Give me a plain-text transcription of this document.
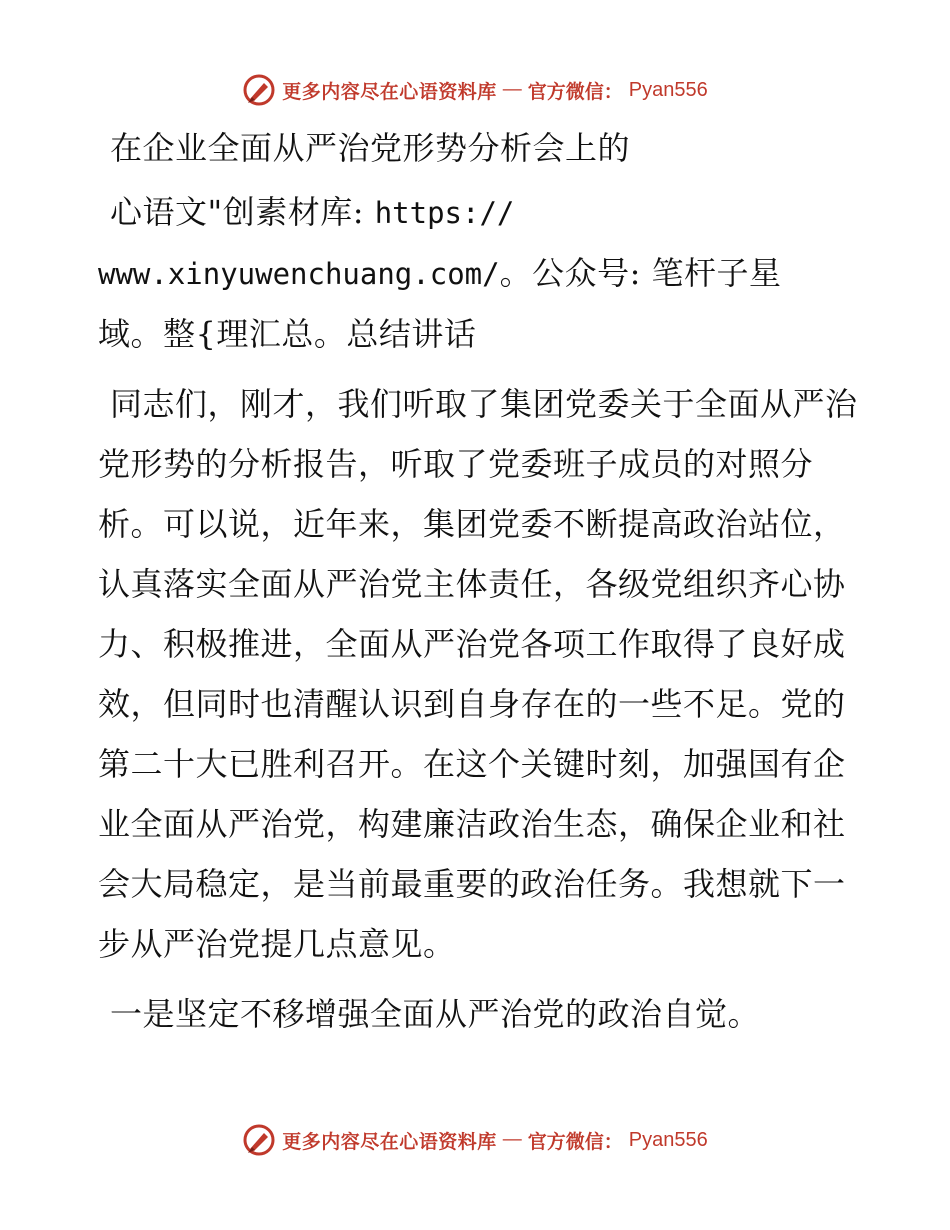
更多内容尽在心语资料库 — 官方微信： Pyan556

在企业全面从严治党形势分析会上的

心语文"创素材库: https://

www.xinyuwenchuang.com/。公众号: 笔杆子星

域。整{理汇总。总结讲话

同志们，刚才，我们听取了集团党委关于全面从严治党形势的分析报告，听取了党委班子成员的对照分析。可以说，近年来，集团党委不断提高政治站位，认真落实全面从严治党主体责任，各级党组织齐心协力、积极推进，全面从严治党各项工作取得了良好成效，但同时也清醒认识到自身存在的一些不足。党的第二十大已胜利召开。在这个关键时刻，加强国有企业全面从严治党，构建廉洁政治生态，确保企业和社会大局稳定，是当前最重要的政治任务。我想就下一步从严治党提几点意见。

一是坚定不移增强全面从严治党的政治自觉。

更多内容尽在心语资料库 — 官方微信： Pyan556
